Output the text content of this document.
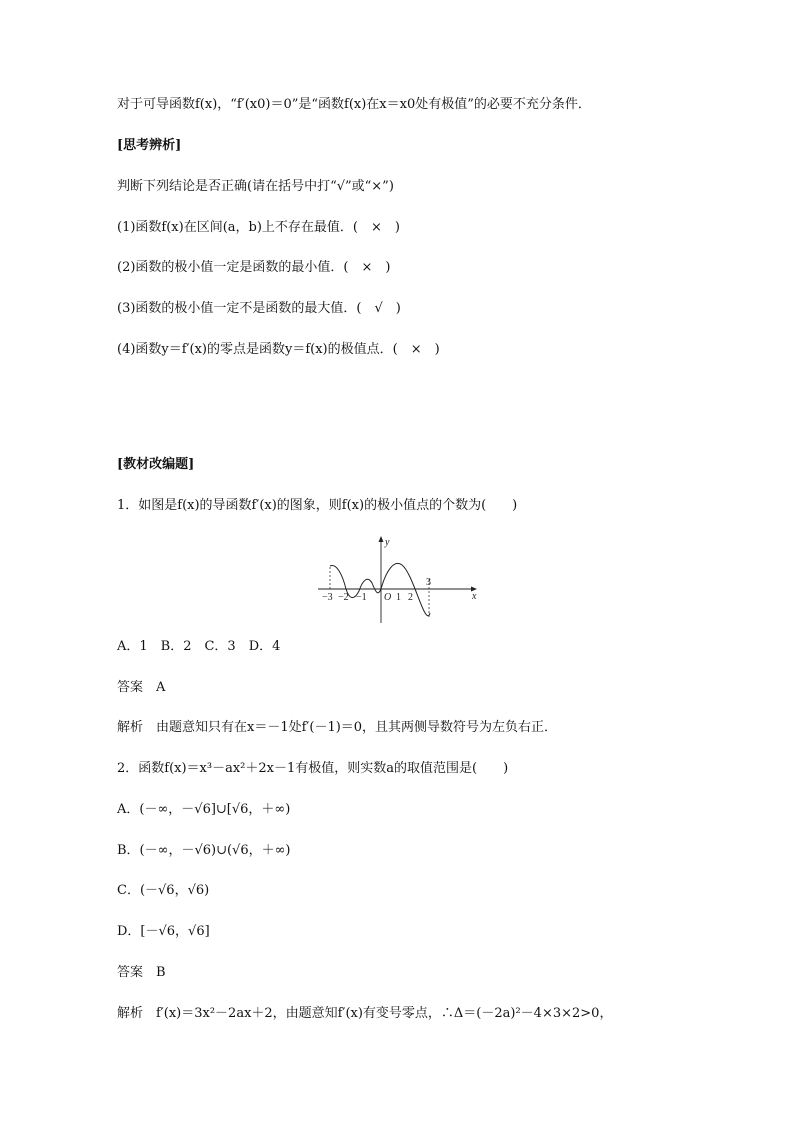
对于可导函数f(x)，“f′(x0)＝0”是“函数f(x)在x＝x0处有极值”的必要不充分条件．
[思考辨析]
判断下列结论是否正确(请在括号中打“√”或“×”)
(1)函数f(x)在区间(a，b)上不存在最值．(　×　)
(2)函数的极小值一定是函数的最小值．(　×　)
(3)函数的极小值一定不是函数的最大值．(　√　)
(4)函数y＝f′(x)的零点是函数y＝f(x)的极值点．(　×　)
[教材改编题]
1．如图是f(x)的导函数f′(x)的图象，则f(x)的极小值点的个数为(　　)
y
x
O
−3 −2 −1	1 2
3
A．1　B．2　C．3　D．4
答案　A
解析　由题意知只有在x＝－1处f′(－1)＝0，且其两侧导数符号为左负右正．
2．函数f(x)＝x³－ax²＋2x－1有极值，则实数a的取值范围是(　　)
A．(－∞，－√6]∪[√6，＋∞)
B．(－∞，－√6)∪(√6，＋∞)
C．(－√6，√6)
D．[－√6，√6]
答案　B
解析　f′(x)＝3x²－2ax＋2，由题意知f′(x)有变号零点，∴Δ＝(－2a)²－4×3×2>0，
